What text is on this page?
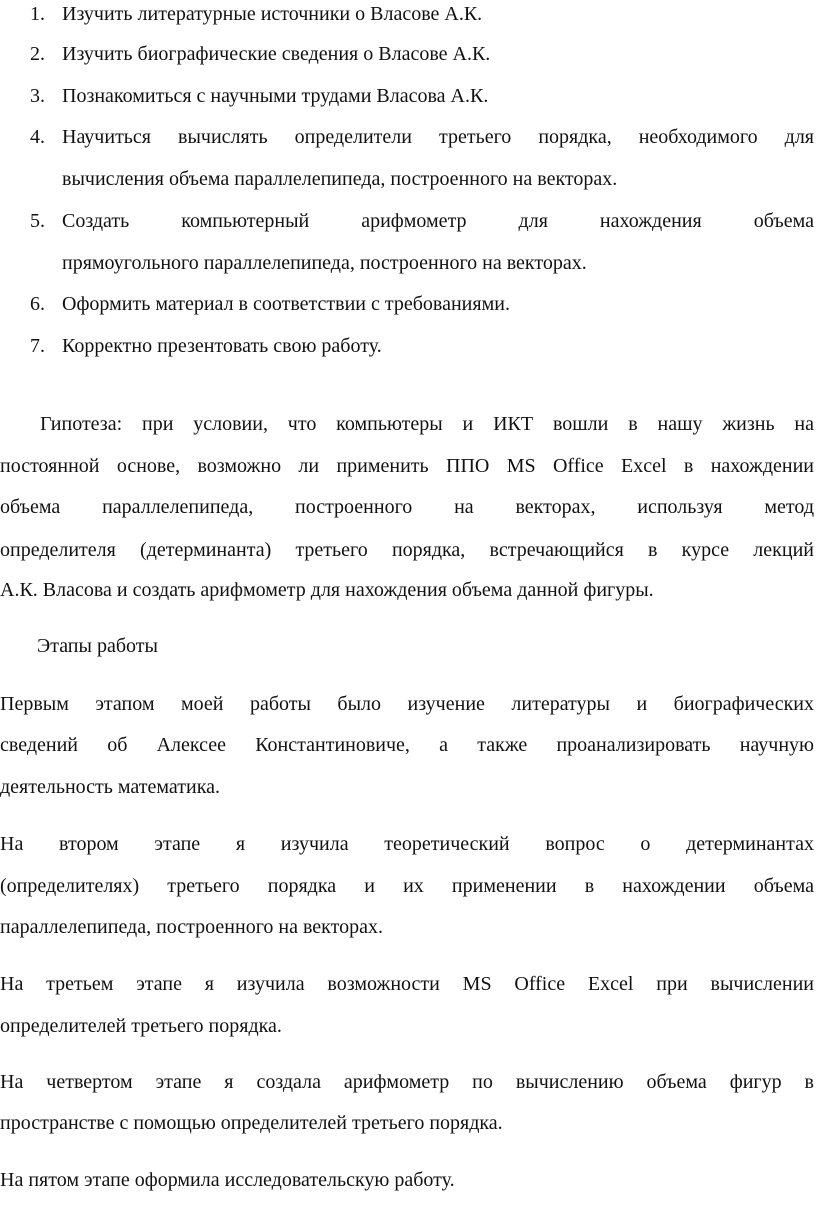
1. Изучить литературные источники о Власове А.К.
2. Изучить биографические сведения о Власове А.К.
3. Познакомиться с научными трудами Власова А.К.
4. Научиться вычислять определители третьего порядка, необходимого для
вычисления объема параллелепипеда, построенного на векторах.
5. Создать компьютерный арифмометр для нахождения объема
прямоугольного параллелепипеда, построенного на векторах.
6. Оформить материал в соответствии с требованиями.
7. Корректно презентовать свою работу.
Гипотеза: при условии, что компьютеры и ИКТ вошли в нашу жизнь на
постоянной основе, возможно ли применить ППО MS Office Excel в нахождении
объема параллелепипеда, построенного на векторах, используя метод
определителя (детерминанта) третьего порядка, встречающийся в курсе лекций
А.К. Власова и создать арифмометр для нахождения объема данной фигуры.
Этапы работы
Первым этапом моей работы было изучение литературы и биографических
сведений об Алексее Константиновиче, а также проанализировать научную
деятельность математика.
На втором этапе я изучила теоретический вопрос о детерминантах
(определителях) третьего порядка и их применении в нахождении объема
параллелепипеда, построенного на векторах.
На третьем этапе я изучила возможности MS Office Excel при вычислении
определителей третьего порядка.
На четвертом этапе я создала арифмометр по вычислению объема фигур в
пространстве с помощью определителей третьего порядка.
На пятом этапе оформила исследовательскую работу.
